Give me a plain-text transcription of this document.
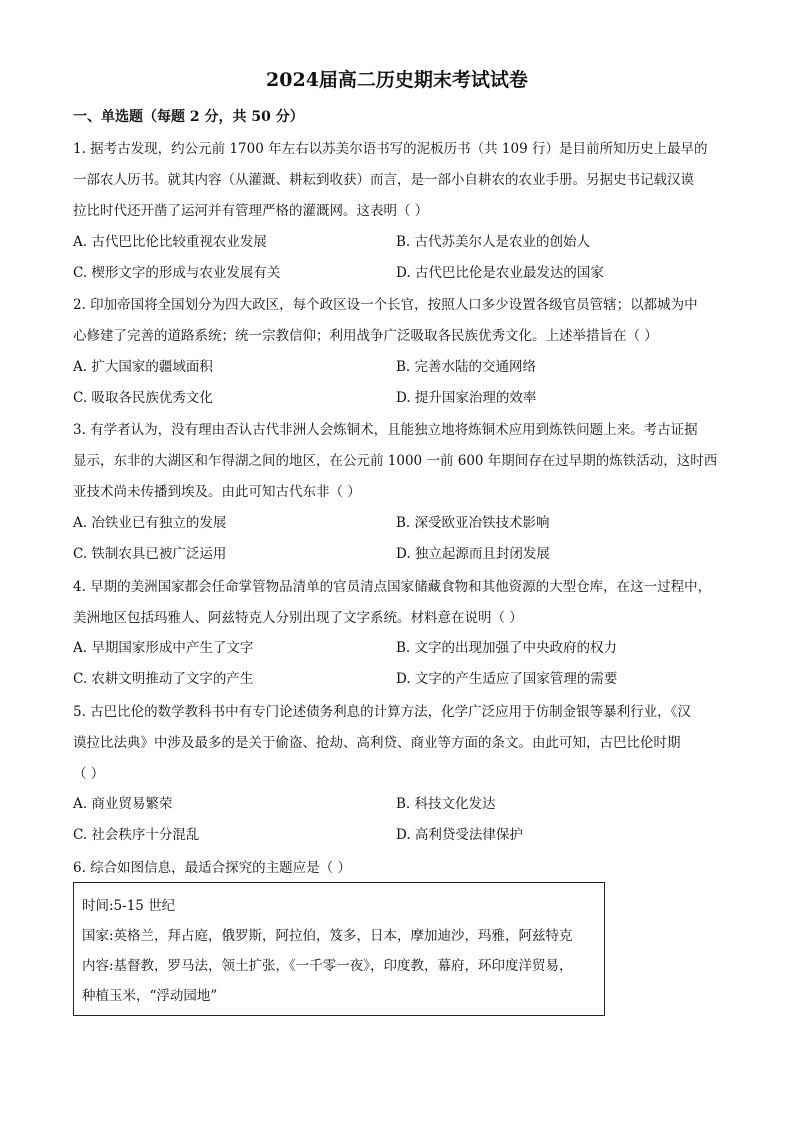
2024届高二历史期末考试试卷
一、单选题（每题 2 分，共 50 分）
1. 据考古发现，约公元前 1700 年左右以苏美尔语书写的泥板历书（共 109 行）是目前所知历史上最早的
一部农人历书。就其内容（从灌溉、耕耘到收获）而言，是一部小自耕农的农业手册。另据史书记载汉谟
拉比时代还开凿了运河并有管理严格的灌溉网。这表明（ ）
A. 古代巴比伦比较重视农业发展	B. 古代苏美尔人是农业的创始人
C. 楔形文字的形成与农业发展有关	D. 古代巴比伦是农业最发达的国家
2. 印加帝国将全国划分为四大政区，每个政区设一个长官，按照人口多少设置各级官员管辖；以都城为中
心修建了完善的道路系统；统一宗教信仰；利用战争广泛吸取各民族优秀文化。上述举措旨在（ ）
A. 扩大国家的疆域面积	B. 完善水陆的交通网络
C. 吸取各民族优秀文化	D. 提升国家治理的效率
3. 有学者认为，没有理由否认古代非洲人会炼铜术，且能独立地将炼铜术应用到炼铁问题上来。考古证据
显示，东非的大湖区和乍得湖之间的地区，在公元前 1000 一前 600 年期间存在过早期的炼铁活动，这时西
亚技术尚未传播到埃及。由此可知古代东非（ ）
A. 冶铁业已有独立的发展	B. 深受欧亚冶铁技术影响
C. 铁制农具已被广泛运用	D. 独立起源而且封闭发展
4. 早期的美洲国家都会任命掌管物品清单的官员清点国家储藏食物和其他资源的大型仓库，在这一过程中，
美洲地区包括玛雅人、阿兹特克人分别出现了文字系统。材料意在说明（ ）
A. 早期国家形成中产生了文字	B. 文字的出现加强了中央政府的权力
C. 农耕文明推动了文字的产生	D. 文字的产生适应了国家管理的需要
5. 古巴比伦的数学教科书中有专门论述债务利息的计算方法，化学广泛应用于仿制金银等暴利行业，《汉
谟拉比法典》中涉及最多的是关于偷盗、抢劫、高利贷、商业等方面的条文。由此可知，古巴比伦时期
（ ）
A. 商业贸易繁荣	B. 科技文化发达
C. 社会秩序十分混乱	D. 高利贷受法律保护
6. 综合如图信息，最适合探究的主题应是（ ）
时间:5-15 世纪
国家:英格兰，拜占庭，俄罗斯，阿拉伯，笈多，日本，摩加迪沙，玛雅，阿兹特克
内容:基督教，罗马法，领土扩张，《一千零一夜》，印度教，幕府，环印度洋贸易，
种植玉米，“浮动园地”
